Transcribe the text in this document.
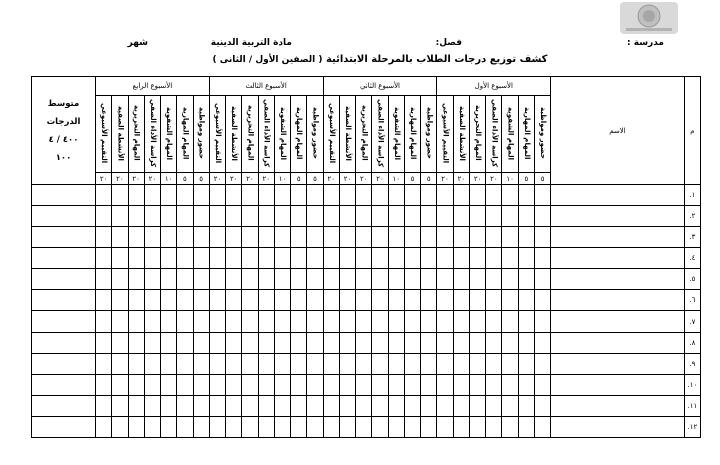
مدرسة :
فصل:
مادة التربية الدينية
شهر
كشف توزيع درجات الطلاب بالمرحلة الابتدائية ( الصفين الأول / الثانى )
م	الاسم	الأسبوع الأول							الأسبوع الثاني							الأسبوع الثالث							الأسبوع الرابع							متوسط
الدرجات
٤٠٠ / ٤
١٠٠

		حضور ومواظبة	المهام المهارية	المهام الشفوية	كراسة الأداء الصفي	المهام التحريرية	الأنشطة الصفية	التقييم الأسبوعي	حضور ومواظبة	المهام المهارية	المهام الشفوية	كراسة الأداء الصفي	المهام التحريرية	الأنشطة الصفية	التقييم الأسبوعي	حضور ومواظبة	المهام المهارية	المهام الشفوية	كراسة الأداء الصفي	المهام التحريرية	الأنشطة الصفية	التقييم الأسبوعي	حضور ومواظبة	المهام المهارية	المهام الشفوية	كراسة الأداء الصفي	المهام التحريرية	الأنشطة الصفية	التقييم الأسبوعي	
		٥	٥	١٠	٢٠	٢٠	٢٠	٢٠	٥	٥	١٠	٢٠	٢٠	٢٠	٢٠	٥	٥	١٠	٢٠	٢٠	٢٠	٢٠	٥	٥	١٠	٢٠	٢٠	٢٠	٢٠	
١.																														
٢.																														
٣.																														
٤.																														
٥.																														
٦.																														
٧.																														
٨.																														
٩.																														
١٠.																														
١١.																														
١٢.																														
